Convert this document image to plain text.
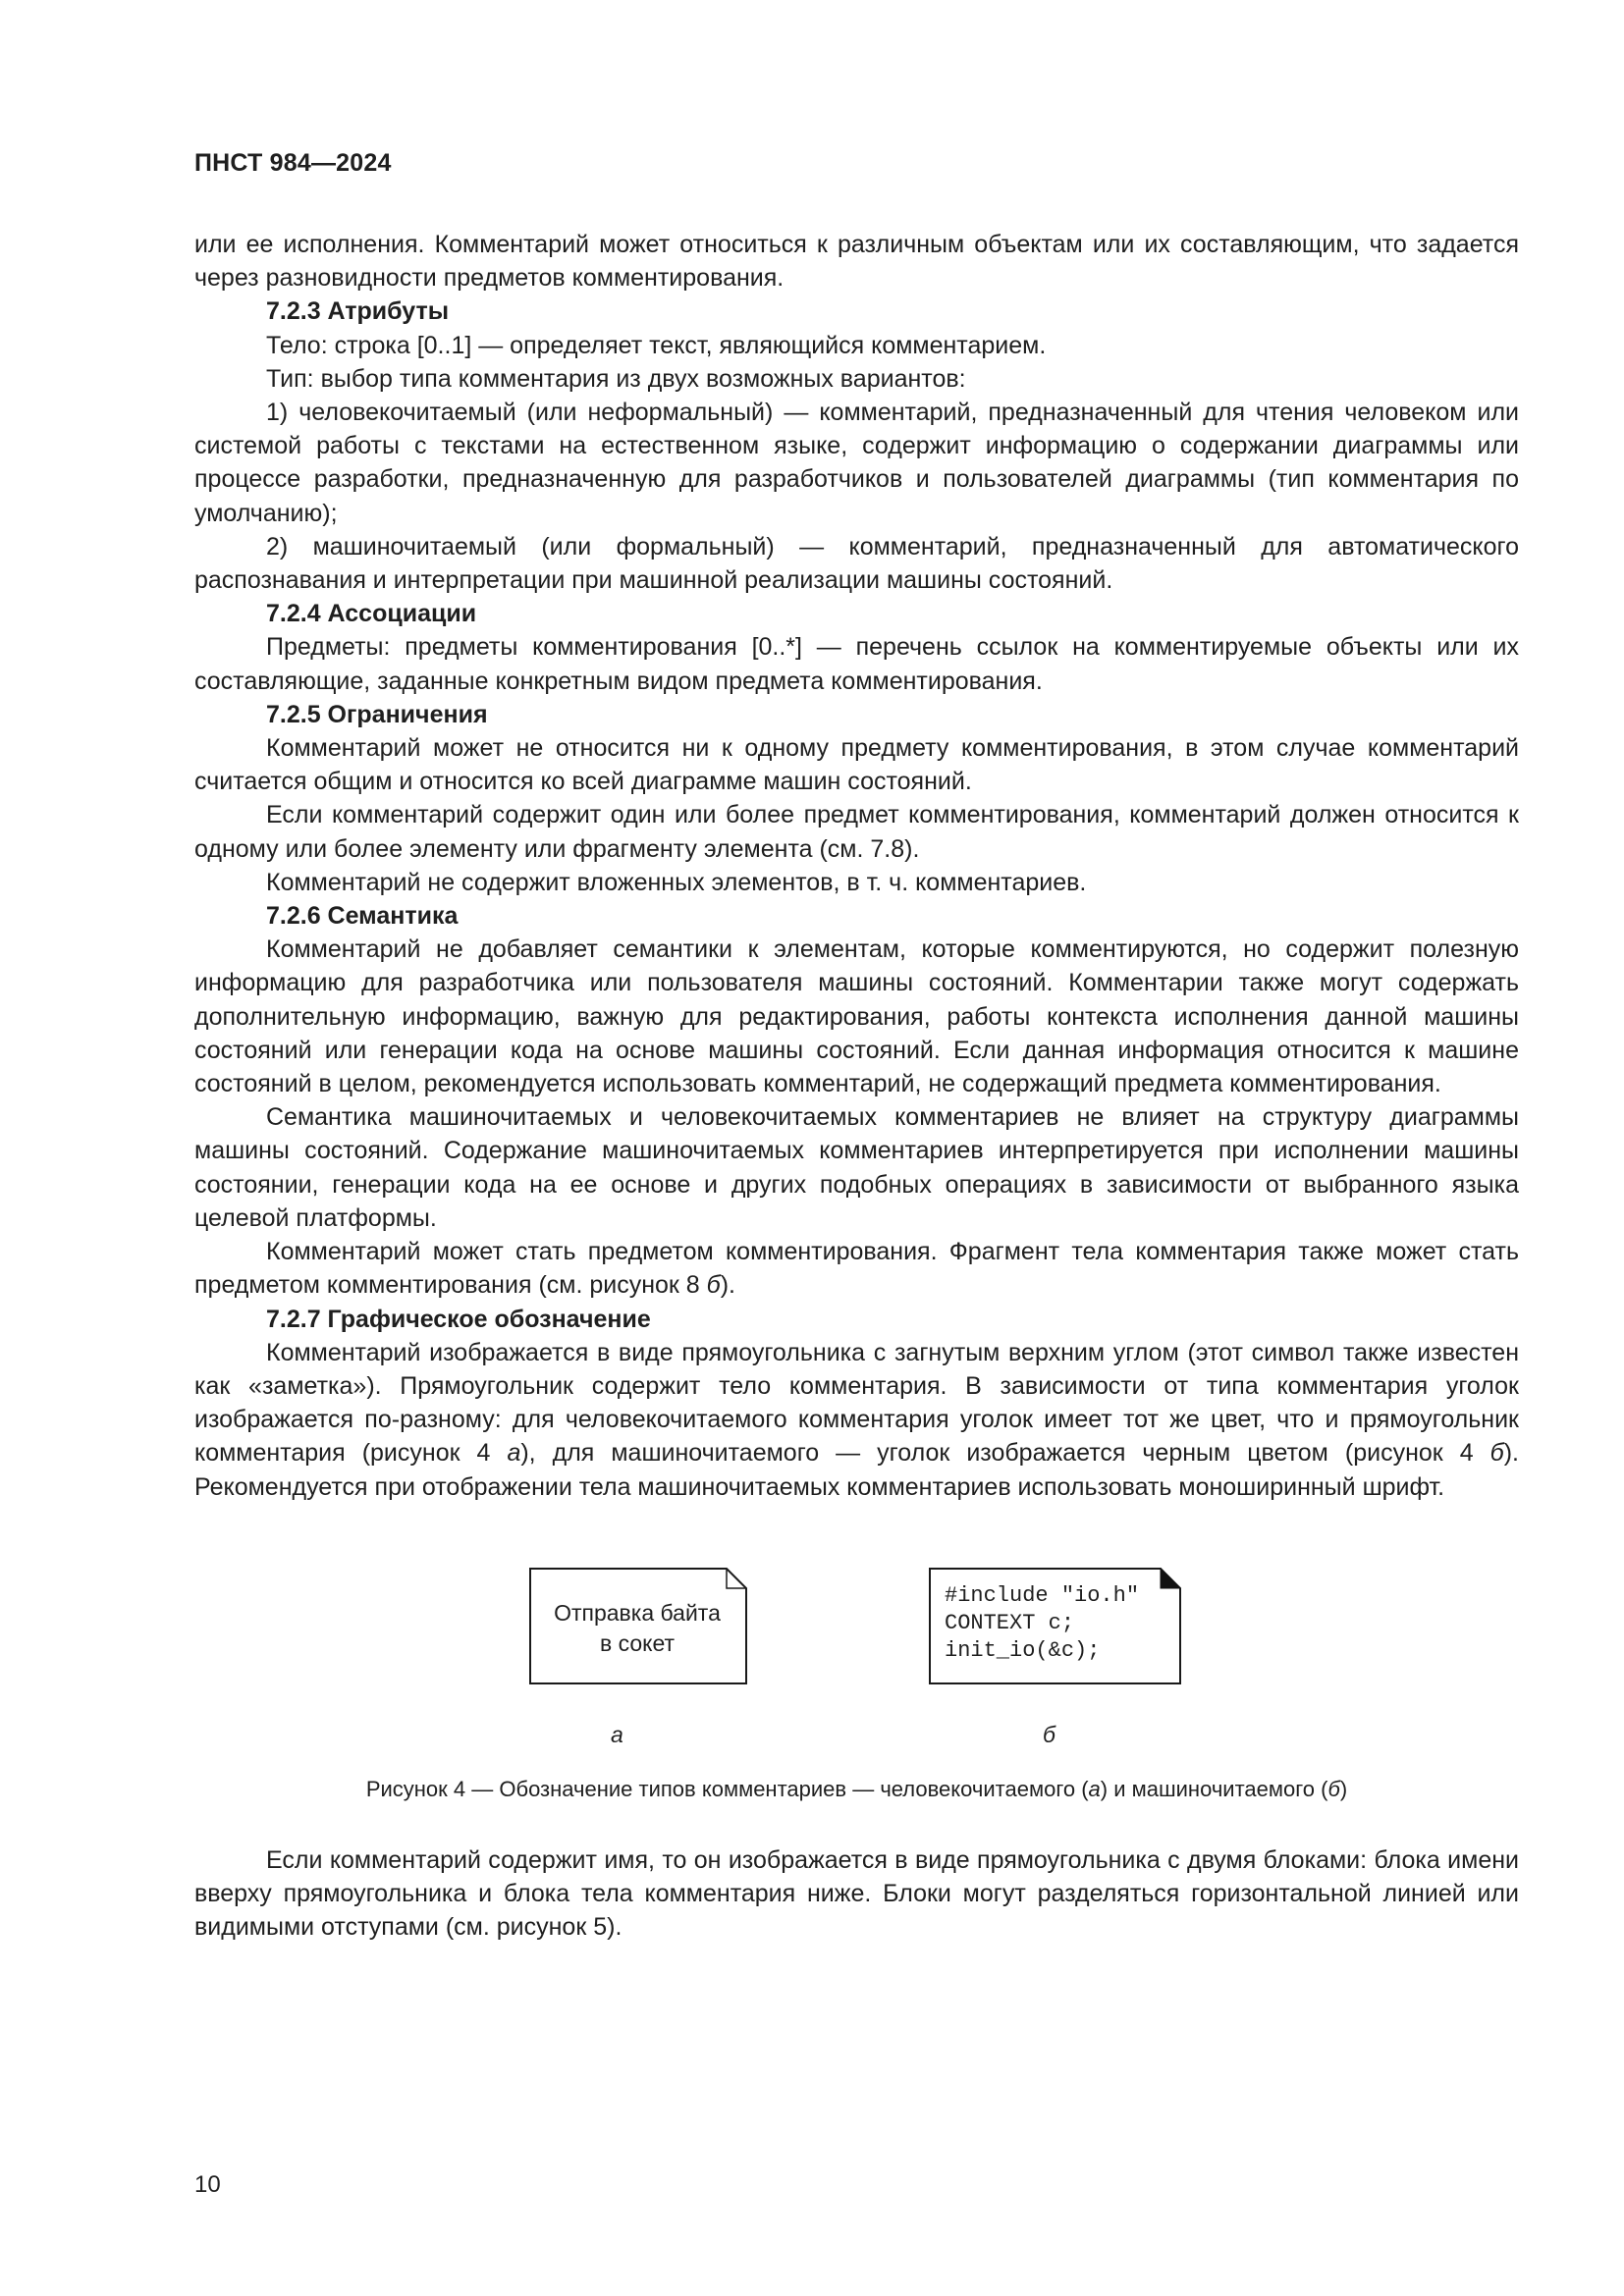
ПНСТ 984—2024

или ее исполнения. Комментарий может относиться к различным объектам или их составляющим, что задается через разновидности предметов комментирования.

7.2.3 Атрибуты

Тело: строка [0..1] — определяет текст, являющийся комментарием.

Тип: выбор типа комментария из двух возможных вариантов:

1) человекочитаемый (или неформальный) — комментарий, предназначенный для чтения человеком или системой работы с текстами на естественном языке, содержит информацию о содержании диаграммы или процессе разработки, предназначенную для разработчиков и пользователей диаграммы (тип комментария по умолчанию);

2) машиночитаемый (или формальный) — комментарий, предназначенный для автоматического распознавания и интерпретации при машинной реализации машины состояний.

7.2.4 Ассоциации

Предметы: предметы комментирования [0..*] — перечень ссылок на комментируемые объекты или их составляющие, заданные конкретным видом предмета комментирования.

7.2.5 Ограничения

Комментарий может не относится ни к одному предмету комментирования, в этом случае комментарий считается общим и относится ко всей диаграмме машин состояний.

Если комментарий содержит один или более предмет комментирования, комментарий должен относится к одному или более элементу или фрагменту элемента (см. 7.8).

Комментарий не содержит вложенных элементов, в т. ч. комментариев.

7.2.6 Семантика

Комментарий не добавляет семантики к элементам, которые комментируются, но содержит полезную информацию для разработчика или пользователя машины состояний. Комментарии также могут содержать дополнительную информацию, важную для редактирования, работы контекста исполнения данной машины состояний или генерации кода на основе машины состояний. Если данная информация относится к машине состояний в целом, рекомендуется использовать комментарий, не содержащий предмета комментирования.

Семантика машиночитаемых и человекочитаемых комментариев не влияет на структуру диаграммы машины состояний. Содержание машиночитаемых комментариев интерпретируется при исполнении машины состоянии, генерации кода на ее основе и других подобных операциях в зависимости от выбранного языка целевой платформы.

Комментарий может стать предметом комментирования. Фрагмент тела комментария также может стать предметом комментирования (см. рисунок 8 б).

7.2.7 Графическое обозначение

Комментарий изображается в виде прямоугольника с загнутым верхним углом (этот символ также известен как «заметка»). Прямоугольник содержит тело комментария. В зависимости от типа комментария уголок изображается по-разному: для человекочитаемого комментария уголок имеет тот же цвет, что и прямоугольник комментария (рисунок 4 а), для машиночитаемого — уголок изображается черным цветом (рисунок 4 б). Рекомендуется при отображении тела машиночитаемых комментариев использовать моноширинный шрифт.

Отправка байта
в сокет
#include "io.h"
CONTEXT c;
init_io(&c);
а	б
Рисунок 4 — Обозначение типов комментариев — человекочитаемого (а) и машиночитаемого (б)

Если комментарий содержит имя, то он изображается в виде прямоугольника с двумя блоками: блока имени вверху прямоугольника и блока тела комментария ниже. Блоки могут разделяться горизонтальной линией или видимыми отступами (см. рисунок 5).

10
